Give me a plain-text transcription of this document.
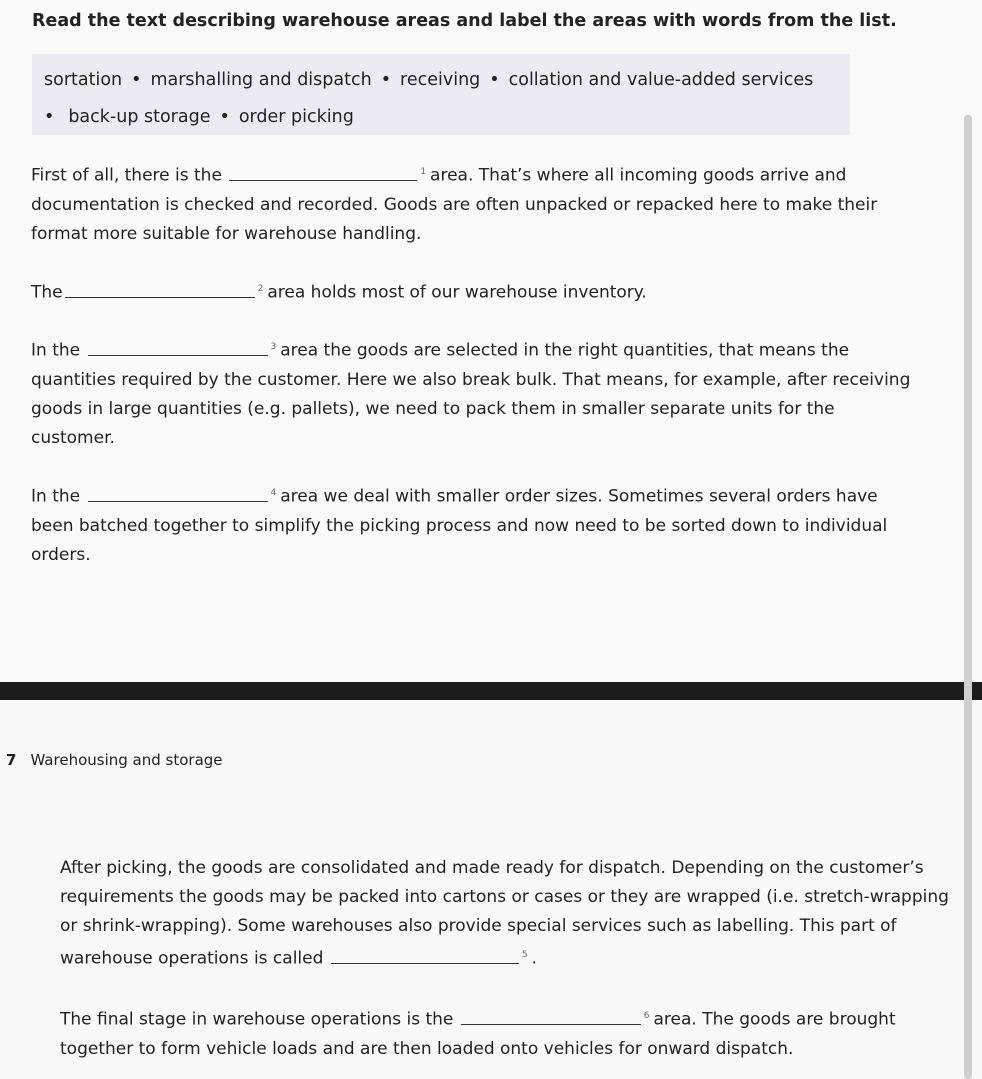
Read the text describing warehouse areas and label the areas with words from the list.
sortation • marshalling and dispatch • receiving • collation and value-added services
• back-up storage • order picking

First of all, there is the	$^1$ area. That’s where all incoming goods arrive and documentation is checked and recorded. Goods are often unpacked or repacked here to make their format more suitable for warehouse handling.

The	$^2$ area holds most of our warehouse inventory.

In the	$^3$ area the goods are selected in the right quantities, that means the quantities required by the customer. Here we also break bulk. That means, for example, after receiving goods in large quantities (e.g. pallets), we need to pack them in smaller separate units for the customer.

In the	$^4$ area we deal with smaller order sizes. Sometimes several orders have been batched together to simplify the picking process and now need to be sorted down to individual orders.

7 Warehousing and storage

After picking, the goods are consolidated and made ready for dispatch. Depending on the customer’s requirements the goods may be packed into cartons or cases or they are wrapped (i.e. stretch-wrapping or shrink-wrapping). Some warehouses also provide special services such as labelling. This part of warehouse operations is called	$^5$ .

The final stage in warehouse operations is the	$^6$ area. The goods are brought together to form vehicle loads and are then loaded onto vehicles for onward dispatch.
